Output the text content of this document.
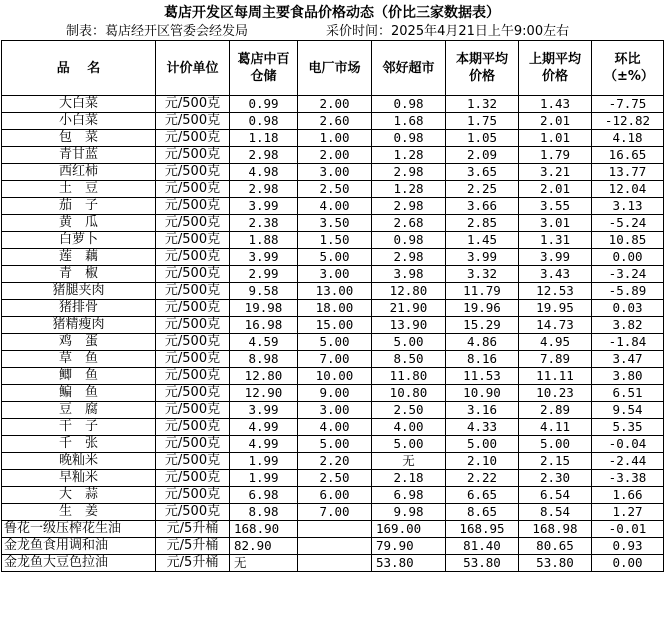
葛店开发区每周主要食品价格动态（价比三家数据表）
制表：葛店经开区管委会经发局	采价时间：2025年4月21日上午9:00左右
品　 名	计价单位	葛店中百仓储	电厂市场	邻好超市	本期平均价格	上期平均价格	环比（±%）
大白菜	元/500克	0.99	2.00	0.98	1.32	1.43	-7.75
小白菜	元/500克	0.98	2.60	1.68	1.75	2.01	-12.82
包　菜	元/500克	1.18	1.00	0.98	1.05	1.01	4.18
青甘蓝	元/500克	2.98	2.00	1.28	2.09	1.79	16.65
西红柿	元/500克	4.98	3.00	2.98	3.65	3.21	13.77
土　豆	元/500克	2.98	2.50	1.28	2.25	2.01	12.04
茄　子	元/500克	3.99	4.00	2.98	3.66	3.55	3.13
黄　瓜	元/500克	2.38	3.50	2.68	2.85	3.01	-5.24
白萝卜	元/500克	1.88	1.50	0.98	1.45	1.31	10.85
莲　藕	元/500克	3.99	5.00	2.98	3.99	3.99	0.00
青　椒	元/500克	2.99	3.00	3.98	3.32	3.43	-3.24
猪腿夹肉	元/500克	9.58	13.00	12.80	11.79	12.53	-5.89
猪排骨	元/500克	19.98	18.00	21.90	19.96	19.95	0.03
猪精瘦肉	元/500克	16.98	15.00	13.90	15.29	14.73	3.82
鸡　蛋	元/500克	4.59	5.00	5.00	4.86	4.95	-1.84
草　鱼	元/500克	8.98	7.00	8.50	8.16	7.89	3.47
鲫　鱼	元/500克	12.80	10.00	11.80	11.53	11.11	3.80
鳊　鱼	元/500克	12.90	9.00	10.80	10.90	10.23	6.51
豆　腐	元/500克	3.99	3.00	2.50	3.16	2.89	9.54
干　子	元/500克	4.99	4.00	4.00	4.33	4.11	5.35
千　张	元/500克	4.99	5.00	5.00	5.00	5.00	-0.04
晚籼米	元/500克	1.99	2.20	无	2.10	2.15	-2.44
早籼米	元/500克	1.99	2.50	2.18	2.22	2.30	-3.38
大　蒜	元/500克	6.98	6.00	6.98	6.65	6.54	1.66
生　姜	元/500克	8.98	7.00	9.98	8.65	8.54	1.27
鲁花一级压榨花生油	元/5升桶	168.90		169.00	168.95	168.98	-0.01
金龙鱼食用调和油	元/5升桶	82.90		79.90	81.40	80.65	0.93
金龙鱼大豆色拉油	元/5升桶	无		53.80	53.80	53.80	0.00
